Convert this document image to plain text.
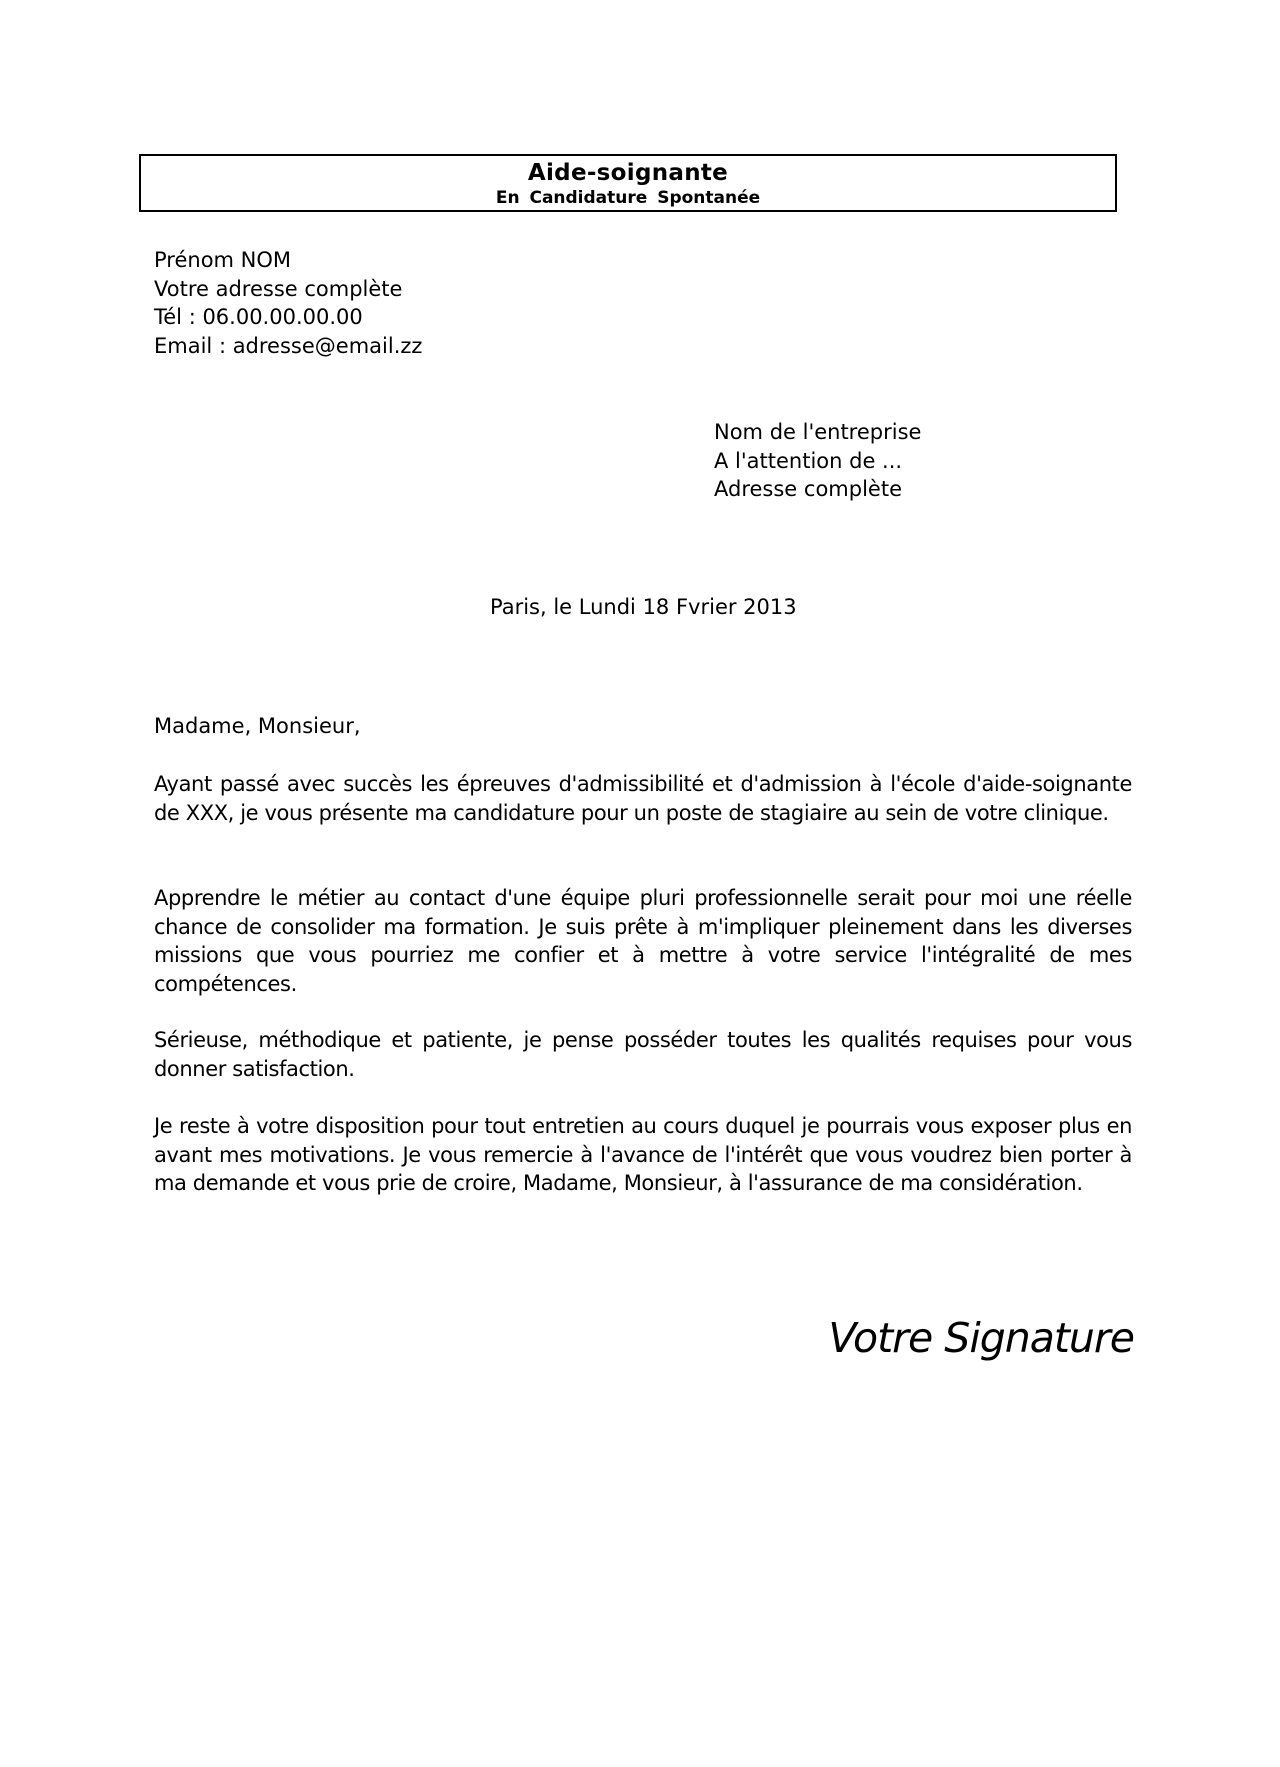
Aide-soignante
En Candidature Spontanée
Prénom NOM
Votre adresse complète
Tél : 06.00.00.00.00
Email : adresse@email.zz
Nom de l'entreprise
A l'attention de ...
Adresse complète
Paris, le Lundi 18 Fvrier 2013
Madame, Monsieur,

Ayant passé avec succès les épreuves d'admissibilité et d'admission à l'école d'aide-soignante de XXX, je vous présente ma candidature pour un poste de stagiaire au sein de votre clinique.

Apprendre le métier au contact d'une équipe pluri professionnelle serait pour moi une réelle chance de consolider ma formation. Je suis prête à m'impliquer pleinement dans les diverses missions que vous pourriez me confier et à mettre à votre service l'intégralité de mes compétences.

Sérieuse, méthodique et patiente, je pense posséder toutes les qualités requises pour vous donner satisfaction.

Je reste à votre disposition pour tout entretien au cours duquel je pourrais vous exposer plus en avant mes motivations. Je vous remercie à l'avance de l'intérêt que vous voudrez bien porter à ma demande et vous prie de croire, Madame, Monsieur, à l'assurance de ma considération.

Votre Signature
